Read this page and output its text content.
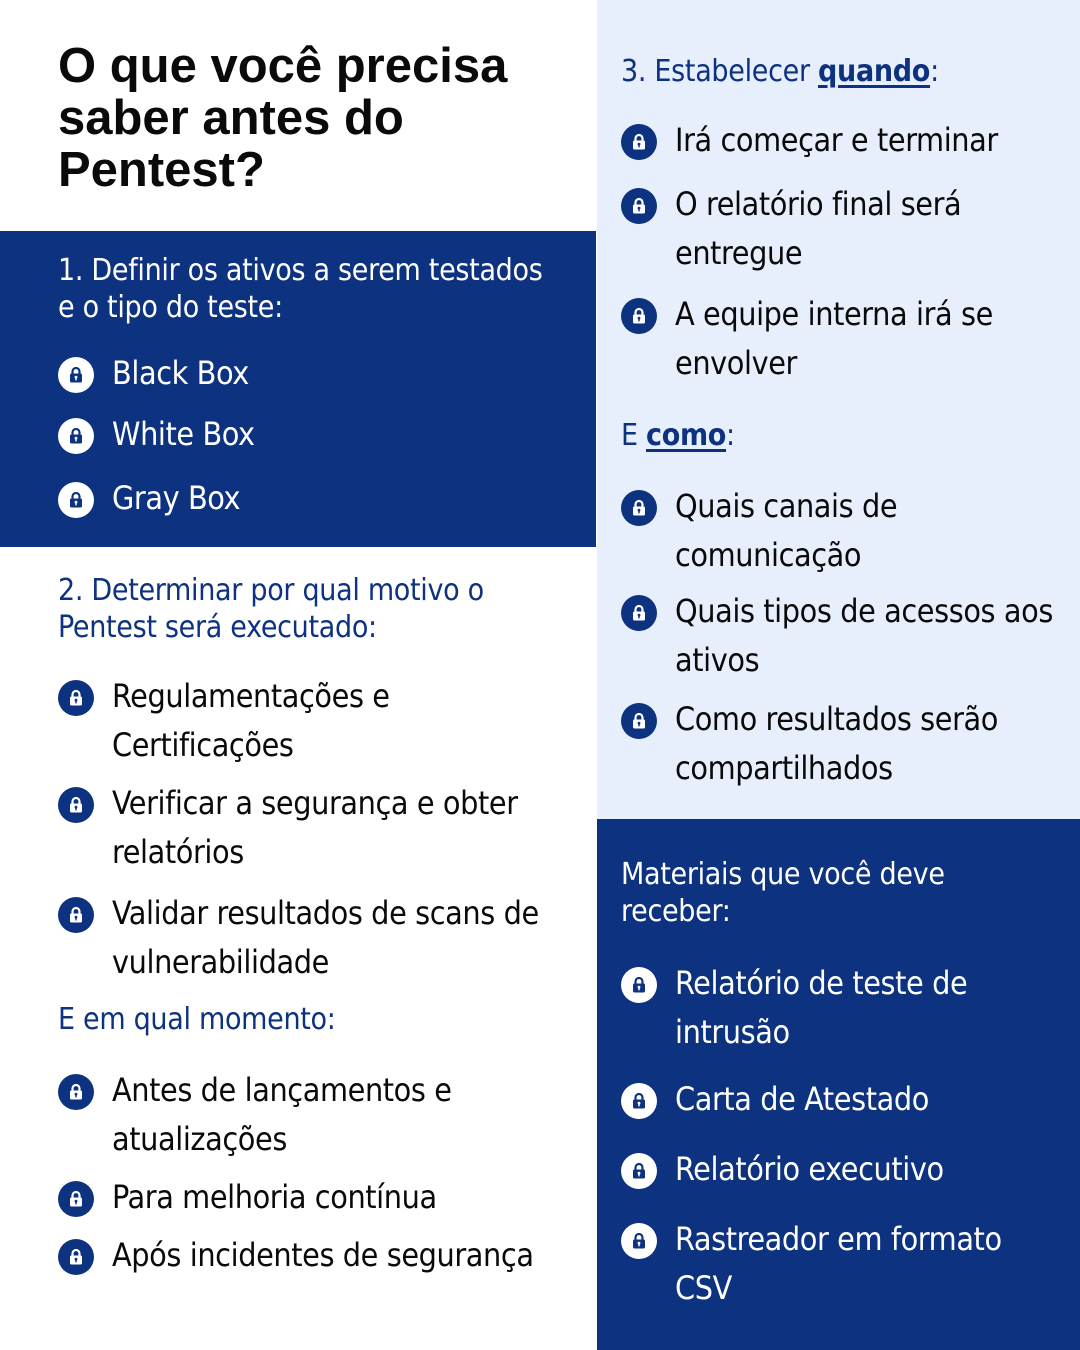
O que você precisa saber antes do Pentest?
1. Definir os ativos a serem testados e o tipo do teste:
Black Box
White Box
Gray Box
2. Determinar por qual motivo o Pentest será executado:
Regulamentações e Certificações
Verificar a segurança e obter relatórios
Validar resultados de scans de vulnerabilidade
E em qual momento:
Antes de lançamentos e atualizações
Para melhoria contínua
Após incidentes de segurança
3. Estabelecer quando:
Irá começar e terminar
O relatório final será entregue
A equipe interna irá se envolver
E como:
Quais canais de comunicação
Quais tipos de acessos aos ativos
Como resultados serão compartilhados
Materiais que você deve receber:
Relatório de teste de intrusão
Carta de Atestado
Relatório executivo
Rastreador em formato CSV
